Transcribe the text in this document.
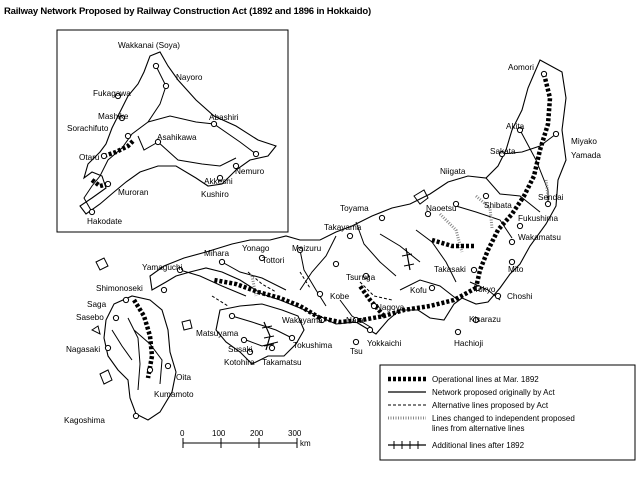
Railway Network Proposed by Railway Construction Act (1892 and 1896 in Hokkaido)
Wakkanai (Soya)
Nayoro
Fukagawa
Mashike	Abashiri
Sorachifuto
Asahikawa
Otaru
Nemuro
Akkeshi
Muroran	Kushiro
Hakodate
Aomori
Akita
Miyako
Sakata	Yamada
Niigata
Shibata
Sendai
Toyama	Naoetsu
Fukushima
Takayama
Wakamatsu
Mihara
Yonago	Maizuru
Tottori
Yamaguchi
Tsuruga
Takasaki	Mito
Shimonoseki
Kobe
Kofu	Tokyo
Choshi
Saga
Sasebo
Nagoya
Wakayama
Matsuyama
Nara	Kisarazu
Susaki
Hachioji
Nagasaki	Tokushima	Yokkaichi
Tsu
Kotohira Takamatsu
Oita
Kumamoto
Kagoshima
Operational lines at Mar. 1892
Network proposed originally by Act
Alternative lines proposed by Act
Lines changed to independent proposed
lines from alternative lines
Additional lines after 1892
0	100	200	300
km
